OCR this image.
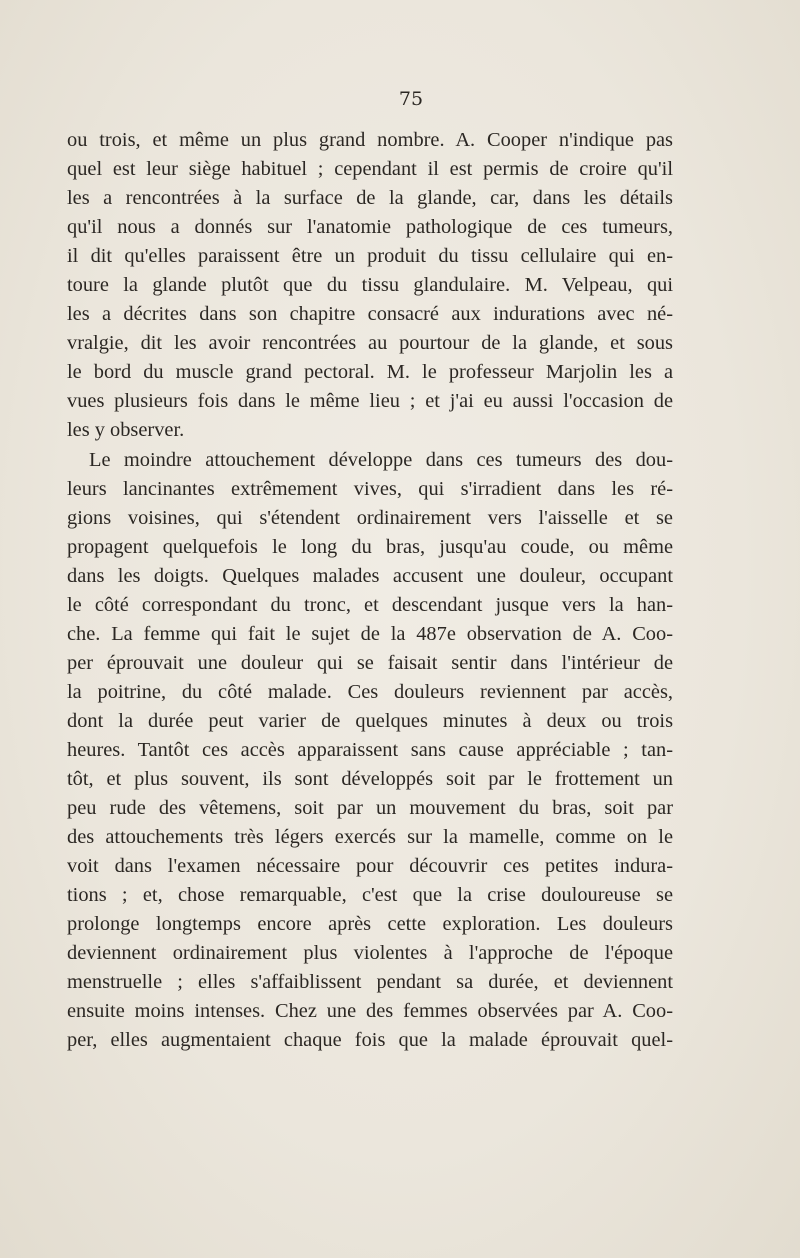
75
ou trois, et même un plus grand nombre. A. Cooper n'indique pas
quel est leur siège habituel ; cependant il est permis de croire qu'il
les a rencontrées à la surface de la glande, car, dans les détails
qu'il nous a donnés sur l'anatomie pathologique de ces tumeurs,
il dit qu'elles paraissent être un produit du tissu cellulaire qui en-
toure la glande plutôt que du tissu glandulaire. M. Velpeau, qui
les a décrites dans son chapitre consacré aux indurations avec né-
vralgie, dit les avoir rencontrées au pourtour de la glande, et sous
le bord du muscle grand pectoral. M. le professeur Marjolin les a
vues plusieurs fois dans le même lieu ; et j'ai eu aussi l'occasion de
les y observer.
Le moindre attouchement développe dans ces tumeurs des dou-
leurs lancinantes extrêmement vives, qui s'irradient dans les ré-
gions voisines, qui s'étendent ordinairement vers l'aisselle et se
propagent quelquefois le long du bras, jusqu'au coude, ou même
dans les doigts. Quelques malades accusent une douleur, occupant
le côté correspondant du tronc, et descendant jusque vers la han-
che. La femme qui fait le sujet de la 487e observation de A. Coo-
per éprouvait une douleur qui se faisait sentir dans l'intérieur de
la poitrine, du côté malade. Ces douleurs reviennent par accès,
dont la durée peut varier de quelques minutes à deux ou trois
heures. Tantôt ces accès apparaissent sans cause appréciable ; tan-
tôt, et plus souvent, ils sont développés soit par le frottement un
peu rude des vêtemens, soit par un mouvement du bras, soit par
des attouchements très légers exercés sur la mamelle, comme on le
voit dans l'examen nécessaire pour découvrir ces petites indura-
tions ; et, chose remarquable, c'est que la crise douloureuse se
prolonge longtemps encore après cette exploration. Les douleurs
deviennent ordinairement plus violentes à l'approche de l'époque
menstruelle ; elles s'affaiblissent pendant sa durée, et deviennent
ensuite moins intenses. Chez une des femmes observées par A. Coo-
per, elles augmentaient chaque fois que la malade éprouvait quel-
